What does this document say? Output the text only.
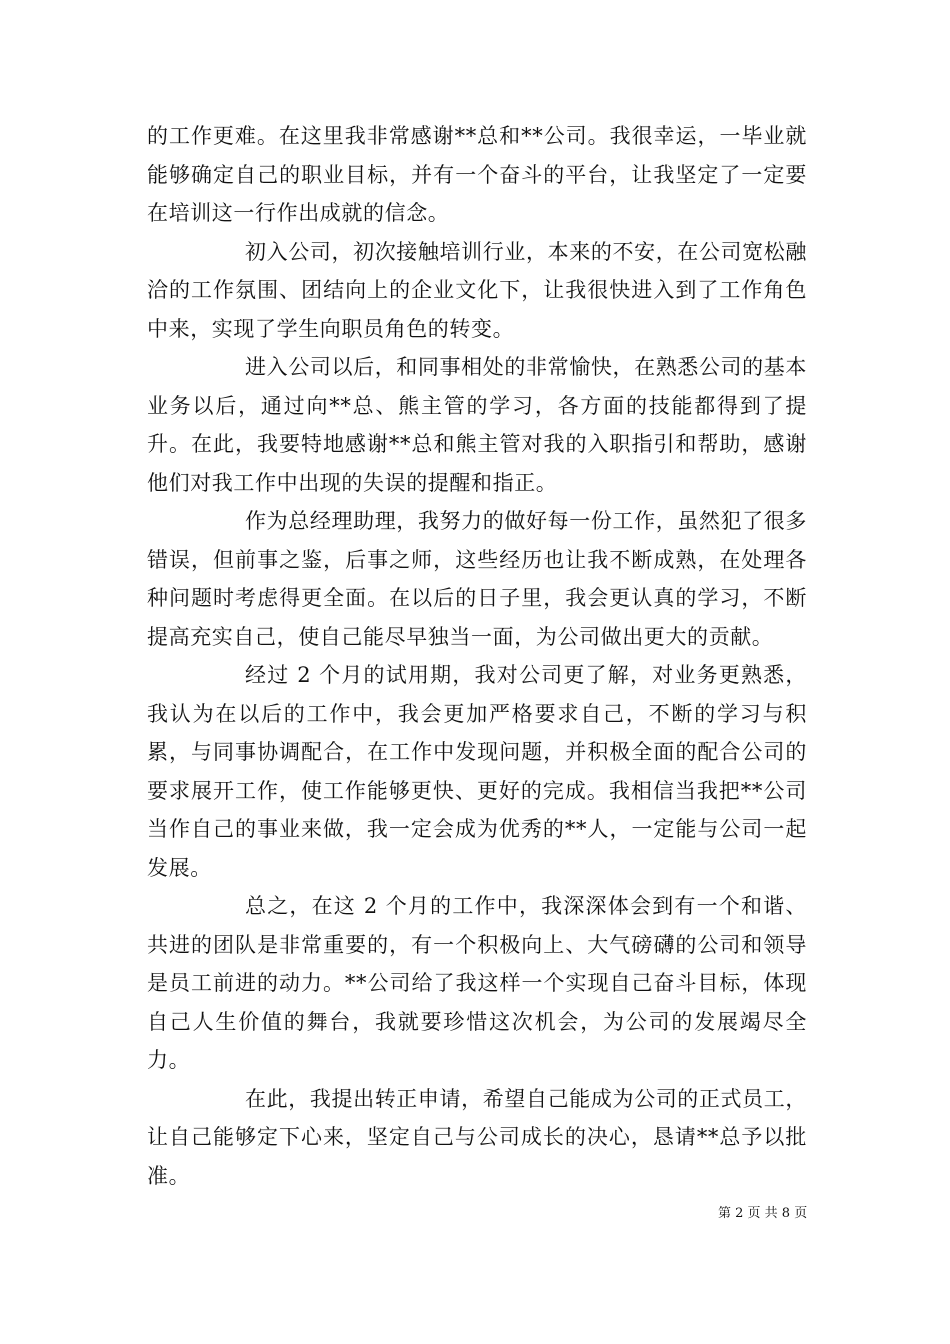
的工作更难。在这里我非常感谢**总和**公司。我很幸运，一毕业就能够确定自己的职业目标，并有一个奋斗的平台，让我坚定了一定要在培训这一行作出成就的信念。

初入公司，初次接触培训行业，本来的不安，在公司宽松融洽的工作氛围、团结向上的企业文化下，让我很快进入到了工作角色中来，实现了学生向职员角色的转变。

进入公司以后，和同事相处的非常愉快，在熟悉公司的基本业务以后，通过向**总、熊主管的学习，各方面的技能都得到了提升。在此，我要特地感谢**总和熊主管对我的入职指引和帮助，感谢他们对我工作中出现的失误的提醒和指正。

作为总经理助理，我努力的做好每一份工作，虽然犯了很多错误，但前事之鉴，后事之师，这些经历也让我不断成熟，在处理各种问题时考虑得更全面。在以后的日子里，我会更认真的学习，不断提高充实自己，使自己能尽早独当一面，为公司做出更大的贡献。

经过 2 个月的试用期，我对公司更了解，对业务更熟悉，我认为在以后的工作中，我会更加严格要求自己，不断的学习与积累，与同事协调配合，在工作中发现问题，并积极全面的配合公司的要求展开工作，使工作能够更快、更好的完成。我相信当我把**公司当作自己的事业来做，我一定会成为优秀的**人，一定能与公司一起发展。

总之，在这 2 个月的工作中，我深深体会到有一个和谐、共进的团队是非常重要的，有一个积极向上、大气磅礴的公司和领导是员工前进的动力。**公司给了我这样一个实现自己奋斗目标，体现自己人生价值的舞台，我就要珍惜这次机会，为公司的发展竭尽全力。

在此，我提出转正申请，希望自己能成为公司的正式员工，让自己能够定下心来，坚定自己与公司成长的决心，恳请**总予以批准。

第 2 页 共 8 页
